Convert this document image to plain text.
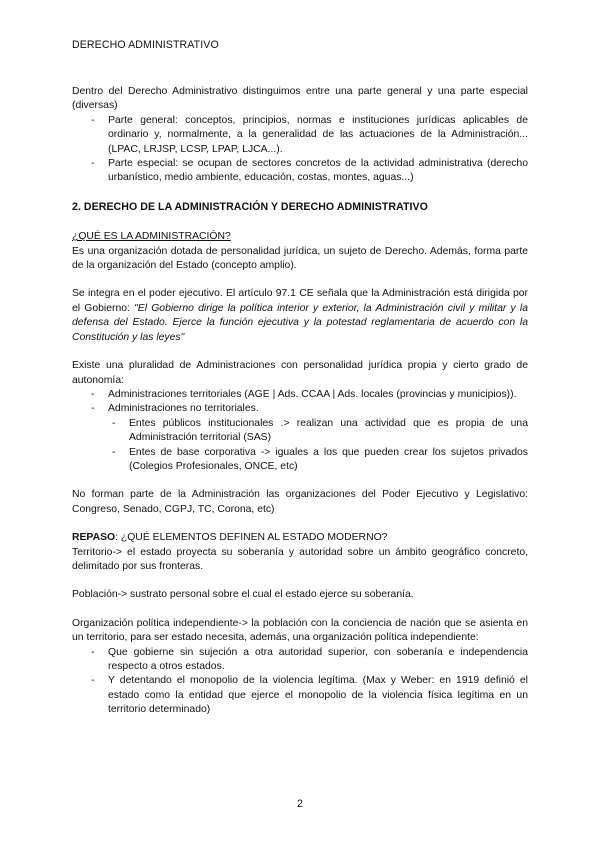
DERECHO ADMINISTRATIVO

Dentro del Derecho Administrativo distinguimos entre una parte general y una parte especial (diversas)

- Parte general: conceptos, principios, normas e instituciones jurídicas aplicables de ordinario y, normalmente, a la generalidad de las actuaciones de la Administración... (LPAC, LRJSP, LCSP, LPAP, LJCA...).
- Parte especial: se ocupan de sectores concretos de la actividad administrativa (derecho urbanístico, medio ambiente, educación, costas, montes, aguas...)

2. DERECHO DE LA ADMINISTRACIÓN Y DERECHO ADMINISTRATIVO

¿QUÉ ES LA ADMINISTRACIÓN?

Es una organización dotada de personalidad jurídica, un sujeto de Derecho. Además, forma parte de la organización del Estado (concepto amplio).

Se integra en el poder ejecutivo. El artículo 97.1 CE señala que la Administración está dirigida por el Gobierno: "El Gobierno dirige la política interior y exterior, la Administración civil y militar y la defensa del Estado. Ejerce la función ejecutiva y la potestad reglamentaria de acuerdo con la Constitución y las leyes"

Existe una pluralidad de Administraciones con personalidad jurídica propia y cierto grado de autonomía:

- Administraciones territoriales (AGE | Ads. CCAA | Ads. locales (provincias y municipios)).
- Administraciones no territoriales.
- Entes públicos institucionales .> realizan una actividad que es propia de una Administración territorial (SAS)
- Entes de base corporativa -> iguales a los que pueden crear los sujetos privados (Colegios Profesionales, ONCE, etc)

No forman parte de la Administración las organizaciones del Poder Ejecutivo y Legislativo: Congreso, Senado, CGPJ, TC, Corona, etc)

REPASO: ¿QUÉ ELEMENTOS DEFINEN AL ESTADO MODERNO?

Territorio-> el estado proyecta su soberanía y autoridad sobre un ámbito geográfico concreto, delimitado por sus fronteras.

Población-> sustrato personal sobre el cual el estado ejerce su soberanía.

Organización política independiente-> la población con la conciencia de nación que se asienta en un territorio, para ser estado necesita, además, una organización política independiente:

- Que gobierne sin sujeción a otra autoridad superior, con soberanía e independencia respecto a otros estados.
- Y detentando el monopolio de la violencia legítima. (Max y Weber: en 1919 definió el estado como la entidad que ejerce el monopolio de la violencia física legítima en un territorio determinado)
2
